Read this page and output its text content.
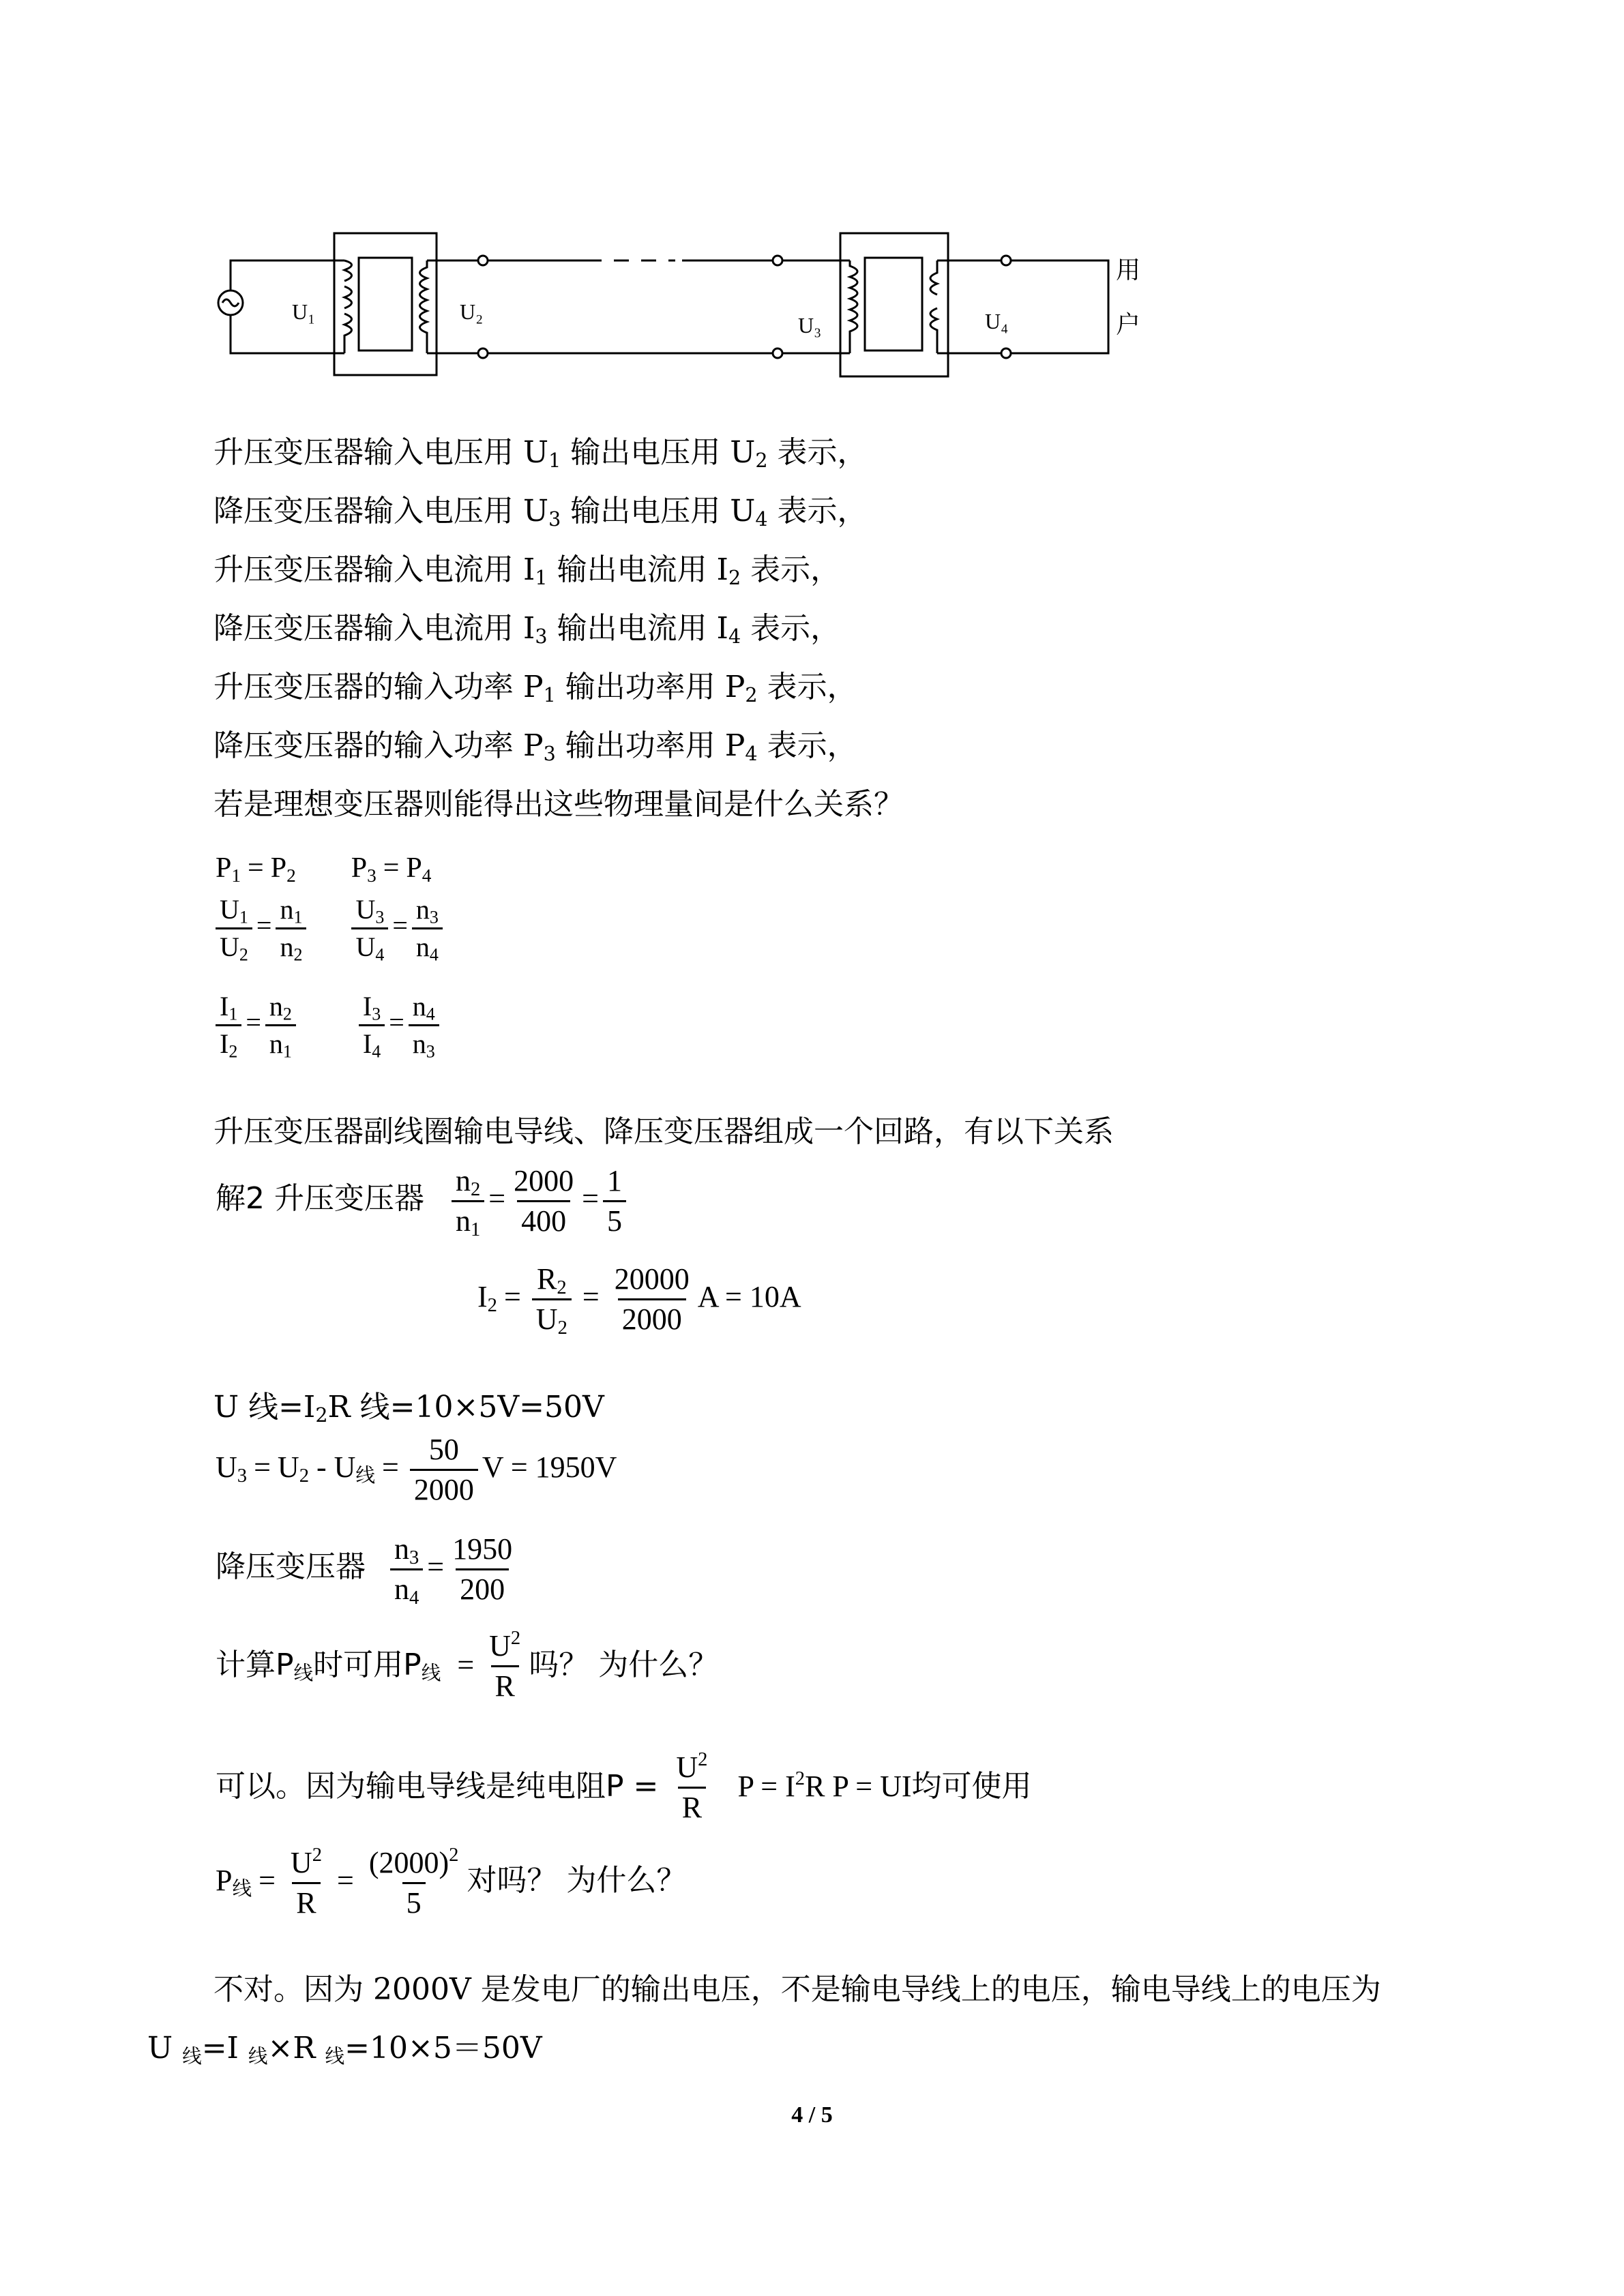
U₁	U₂
U₃	U₄
用
户
升压变压器输入电压用 $U_1$ 输出电压用 $U_2$ 表示，
降压变压器输入电压用 $U_3$ 输出电压用 $U_4$ 表示，
升压变压器输入电流用 $I_1$ 输出电流用 $I_2$ 表示，
降压变压器输入电流用 $I_3$ 输出电流用 $I_4$ 表示，
升压变压器的输入功率 $P_1$ 输出功率用 $P_2$ 表示，
降压变压器的输入功率 $P_3$ 输出功率用 $P_4$ 表示，
若是理想变压器则能得出这些物理量间是什么关系？
$P_1 = P_2$ $P_3 = P_4$
$\frac{U_1}{U_2} = \frac{n_1}{n_2}$
$\frac{U_3}{U_4} = \frac{n_3}{n_4}$
$\frac{I_1}{I_2} = \frac{n_2}{n_1}$
$\frac{I_3}{I_4} = \frac{n_4}{n_3}$
升压变压器副线圈输电导线、降压变压器组成一个回路，有以下关系
解2 升压变压器 $\frac{n_2}{n_1} = \frac{2000}{400} = \frac{1}{5}$
$I_2 = \frac{R_2}{U_2} = \frac{20000}{2000}$ A = 10A
U 线$=I_2R$ 线=10×5V=50V
$U_3 = U_2 - U_线 = \frac{50}{2000}$ V = 1950V
降压变压器 $\frac{n_3}{n_4} = \frac{1950}{200}$
计算$P_线$时可用$P_线 = \frac{U^2}{R}$ 吗？ 为什么？
可以。因为输电导线是纯电阻$P = \frac{U^2}{R}$ $P = I^2R$ P = UI均可使用
$P_线 = \frac{U^2}{R} = \frac{(2000)^2}{5}$ 对吗？ 为什么？
不对。因为 2000V 是发电厂的输出电压，不是输电导线上的电压，输电导线上的电压为
U $_线$=I $_线$×R $_线$=10×5＝50V
4 / 5
